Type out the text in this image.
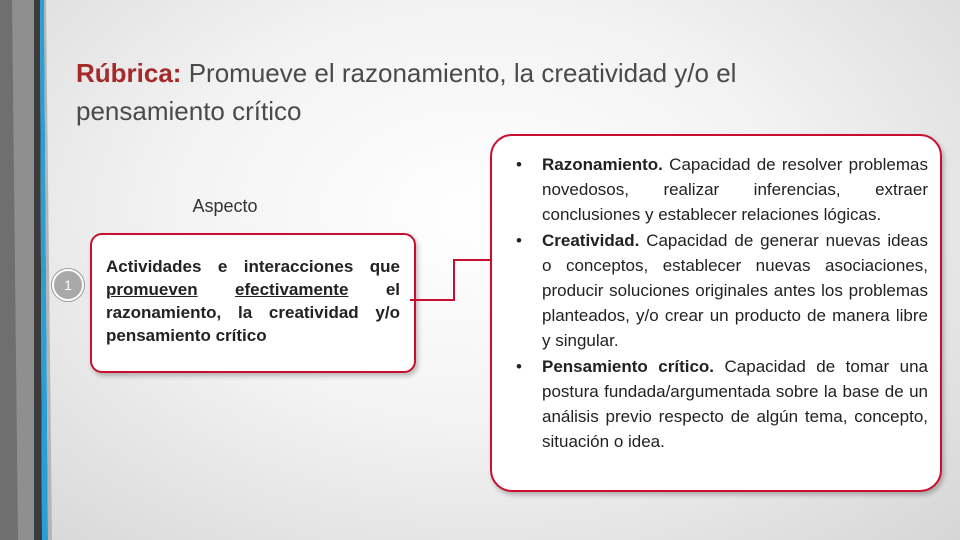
Rúbrica: Promueve el razonamiento, la creatividad y/o el pensamiento crítico
Aspecto
1
Actividades e interacciones que promueven efectivamente el razonamiento, la creatividad y/o pensamiento crítico
• Razonamiento. Capacidad de resolver problemas novedosos, realizar inferencias, extraer conclusiones y establecer relaciones lógicas.
• Creatividad. Capacidad de generar nuevas ideas o conceptos, establecer nuevas asociaciones, producir soluciones originales antes los problemas planteados, y/o crear un producto de manera libre y singular.
• Pensamiento crítico. Capacidad de tomar una postura fundada/argumentada sobre la base de un análisis previo respecto de algún tema, concepto, situación o idea.
